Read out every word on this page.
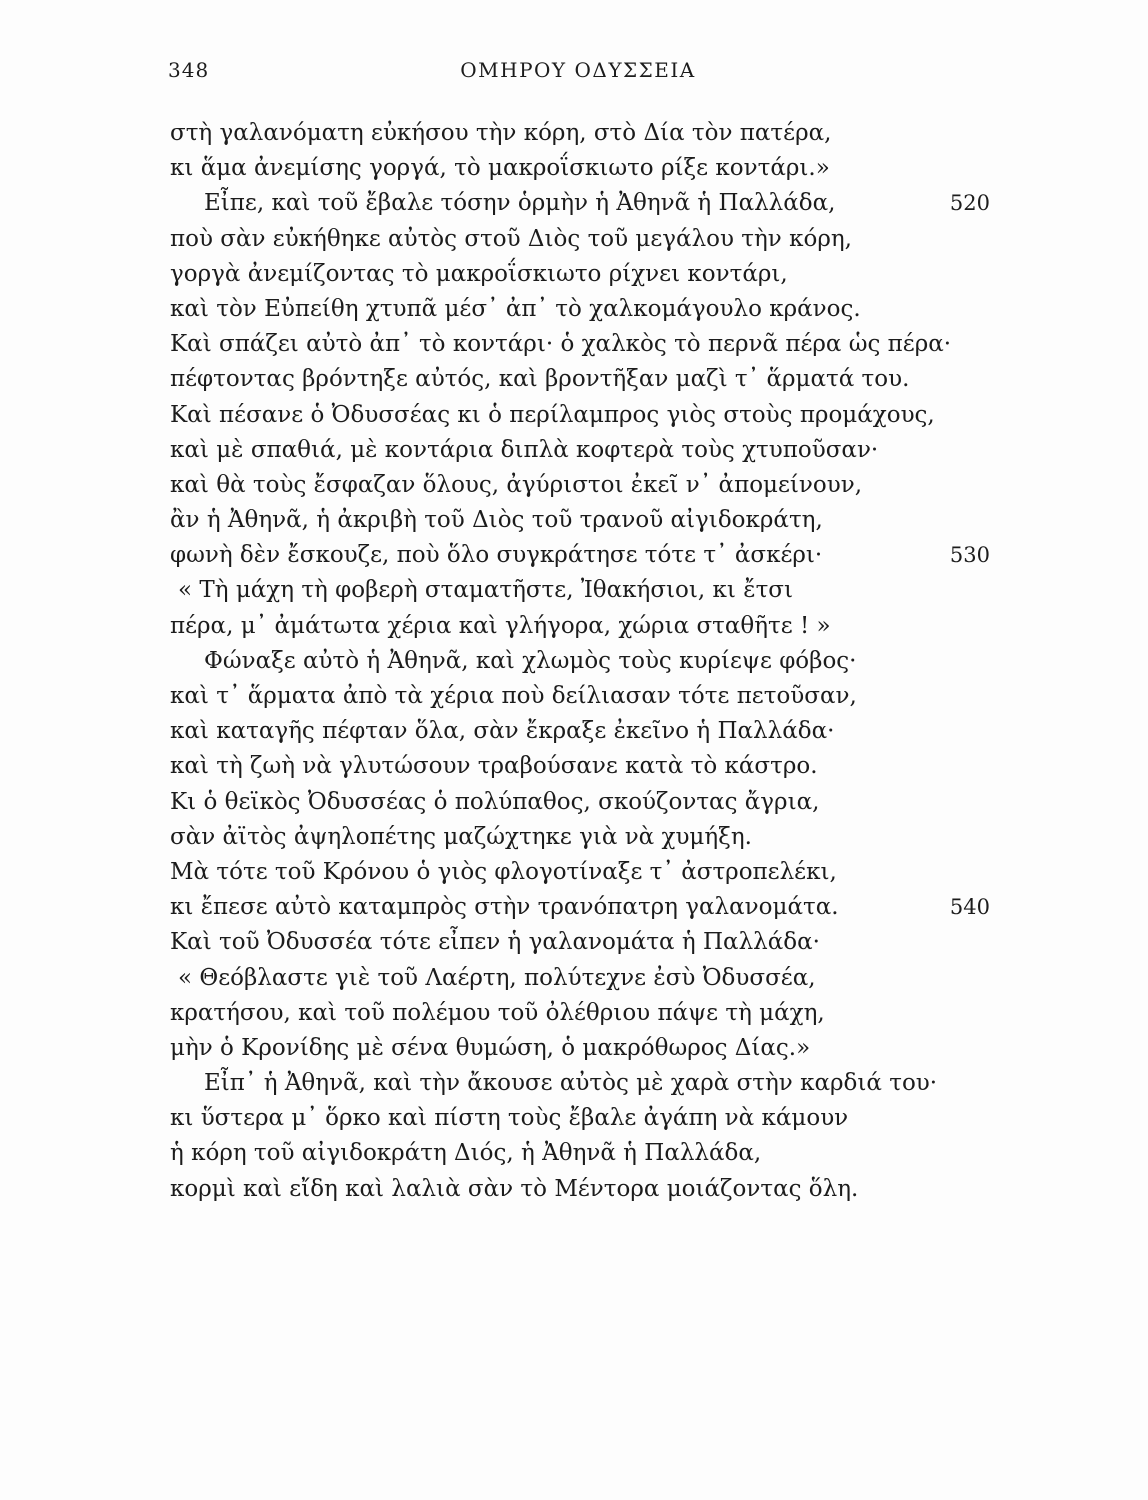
348	ΟΜΗΡΟΥ ΟΔΥΣΣΕΙΑ
στὴ γαλανόματη εὐκήσου τὴν κόρη, στὸ Δία τὸν πατέρα,
κι ἅμα ἀνεμίσης γοργά, τὸ μακροΐσκιωτο ρίξε κοντάρι.»
Εἶπε, καὶ τοῦ ἔβαλε τόσην ὁρμὴν ἡ Ἀθηνᾶ ἡ Παλλάδα,	520
ποὺ σὰν εὐκήθηκε αὐτὸς στοῦ Διὸς τοῦ μεγάλου τὴν κόρη,
γοργὰ ἀνεμίζοντας τὸ μακροΐσκιωτο ρίχνει κοντάρι,
καὶ τὸν Εὐπείθη χτυπᾶ μέσ᾽ ἀπ᾽ τὸ χαλκομάγουλο κράνος.
Καὶ σπάζει αὐτὸ ἀπ᾽ τὸ κοντάρι· ὁ χαλκὸς τὸ περνᾶ πέρα ὡς πέρα·
πέφτοντας βρόντηξε αὐτός, καὶ βροντῆξαν μαζὶ τ᾽ ἅρματά του.
Καὶ πέσανε ὁ Ὀδυσσέας κι ὁ περίλαμπρος γιὸς στοὺς προμάχους,
καὶ μὲ σπαθιά, μὲ κοντάρια διπλὰ κοφτερὰ τοὺς χτυποῦσαν·
καὶ θὰ τοὺς ἔσφαζαν ὅλους, ἀγύριστοι ἐκεῖ ν᾽ ἀπομείνουν,
ἂν ἡ Ἀθηνᾶ, ἡ ἀκριβὴ τοῦ Διὸς τοῦ τρανοῦ αἰγιδοκράτη,
φωνὴ δὲν ἔσκουζε, ποὺ ὅλο συγκράτησε τότε τ᾽ ἀσκέρι·	530
« Τὴ μάχη τὴ φοβερὴ σταματῆστε, Ἰθακήσιοι, κι ἔτσι
πέρα, μ᾽ ἀμάτωτα χέρια καὶ γλήγορα, χώρια σταθῆτε ! »
Φώναξε αὐτὸ ἡ Ἀθηνᾶ, καὶ χλωμὸς τοὺς κυρίεψε φόβος·
καὶ τ᾽ ἅρματα ἀπὸ τὰ χέρια ποὺ δείλιασαν τότε πετοῦσαν,
καὶ καταγῆς πέφταν ὅλα, σὰν ἔκραξε ἐκεῖνο ἡ Παλλάδα·
καὶ τὴ ζωὴ νὰ γλυτώσουν τραβούσανε κατὰ τὸ κάστρο.
Κι ὁ θεϊκὸς Ὀδυσσέας ὁ πολύπαθος, σκούζοντας ἄγρια,
σὰν ἀϊτὸς ἀψηλοπέτης μαζώχτηκε γιὰ νὰ χυμήξη.
Μὰ τότε τοῦ Κρόνου ὁ γιὸς φλογοτίναξε τ᾽ ἀστροπελέκι,
κι ἔπεσε αὐτὸ καταμπρὸς στὴν τρανόπατρη γαλανομάτα.	540
Καὶ τοῦ Ὀδυσσέα τότε εἶπεν ἡ γαλανομάτα ἡ Παλλάδα·
« Θεόβλαστε γιὲ τοῦ Λαέρτη, πολύτεχνε ἐσὺ Ὀδυσσέα,
κρατήσου, καὶ τοῦ πολέμου τοῦ ὀλέθριου πάψε τὴ μάχη,
μὴν ὁ Κρονίδης μὲ σένα θυμώση, ὁ μακρόθωρος Δίας.»
Εἶπ᾽ ἡ Ἀθηνᾶ, καὶ τὴν ἄκουσε αὐτὸς μὲ χαρὰ στὴν καρδιά του·
κι ὕστερα μ᾽ ὅρκο καὶ πίστη τοὺς ἔβαλε ἀγάπη νὰ κάμουν
ἡ κόρη τοῦ αἰγιδοκράτη Διός, ἡ Ἀθηνᾶ ἡ Παλλάδα,
κορμὶ καὶ εἴδη καὶ λαλιὰ σὰν τὸ Μέντορα μοιάζοντας ὅλη.
